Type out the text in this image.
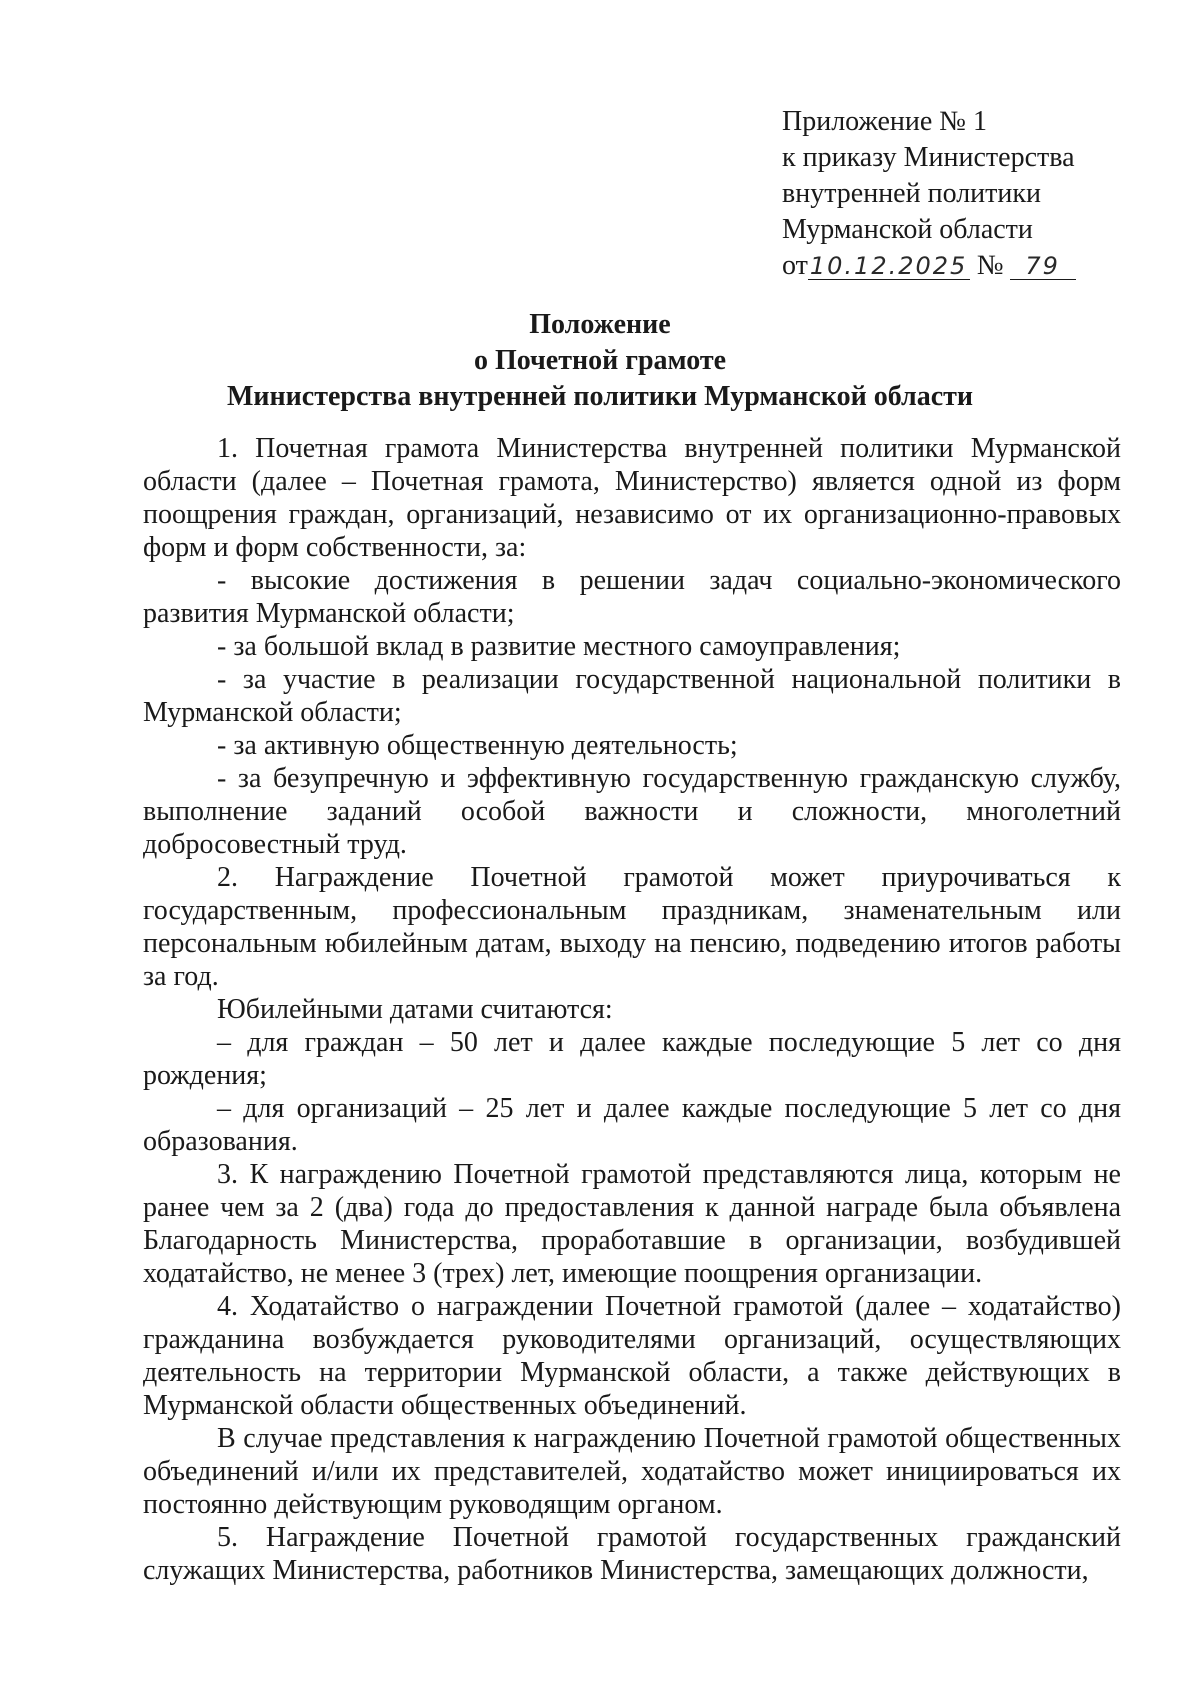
Приложение № 1
к приказу Министерства
внутренней политики
Мурманской области
от10.12.2025 № 79
Положение
о Почетной грамоте
Министерства внутренней политики Мурманской области

1. Почетная грамота Министерства внутренней политики Мурманской области (далее – Почетная грамота, Министерство) является одной из форм поощрения граждан, организаций, независимо от их организационно-правовых форм и форм собственности, за:

- высокие достижения в решении задач социально-экономического развития Мурманской области;

- за большой вклад в развитие местного самоуправления;

- за участие в реализации государственной национальной политики в Мурманской области;

- за активную общественную деятельность;

- за безупречную и эффективную государственную гражданскую службу, выполнение заданий особой важности и сложности, многолетний добросовестный труд.

2. Награждение Почетной грамотой может приурочиваться к государственным, профессиональным праздникам, знаменательным или персональным юбилейным датам, выходу на пенсию, подведению итогов работы за год.

Юбилейными датами считаются:

– для граждан – 50 лет и далее каждые последующие 5 лет со дня рождения;

– для организаций – 25 лет и далее каждые последующие 5 лет со дня образования.

3. К награждению Почетной грамотой представляются лица, которым не ранее чем за 2 (два) года до предоставления к данной награде была объявлена Благодарность Министерства, проработавшие в организации, возбудившей ходатайство, не менее 3 (трех) лет, имеющие поощрения организации.

4. Ходатайство о награждении Почетной грамотой (далее – ходатайство) гражданина возбуждается руководителями организаций, осуществляющих деятельность на территории Мурманской области, а также действующих в Мурманской области общественных объединений.

В случае представления к награждению Почетной грамотой общественных объединений и/или их представителей, ходатайство может инициироваться их постоянно действующим руководящим органом.

5. Награждение Почетной грамотой государственных гражданский служащих Министерства, работников Министерства, замещающих должности,
